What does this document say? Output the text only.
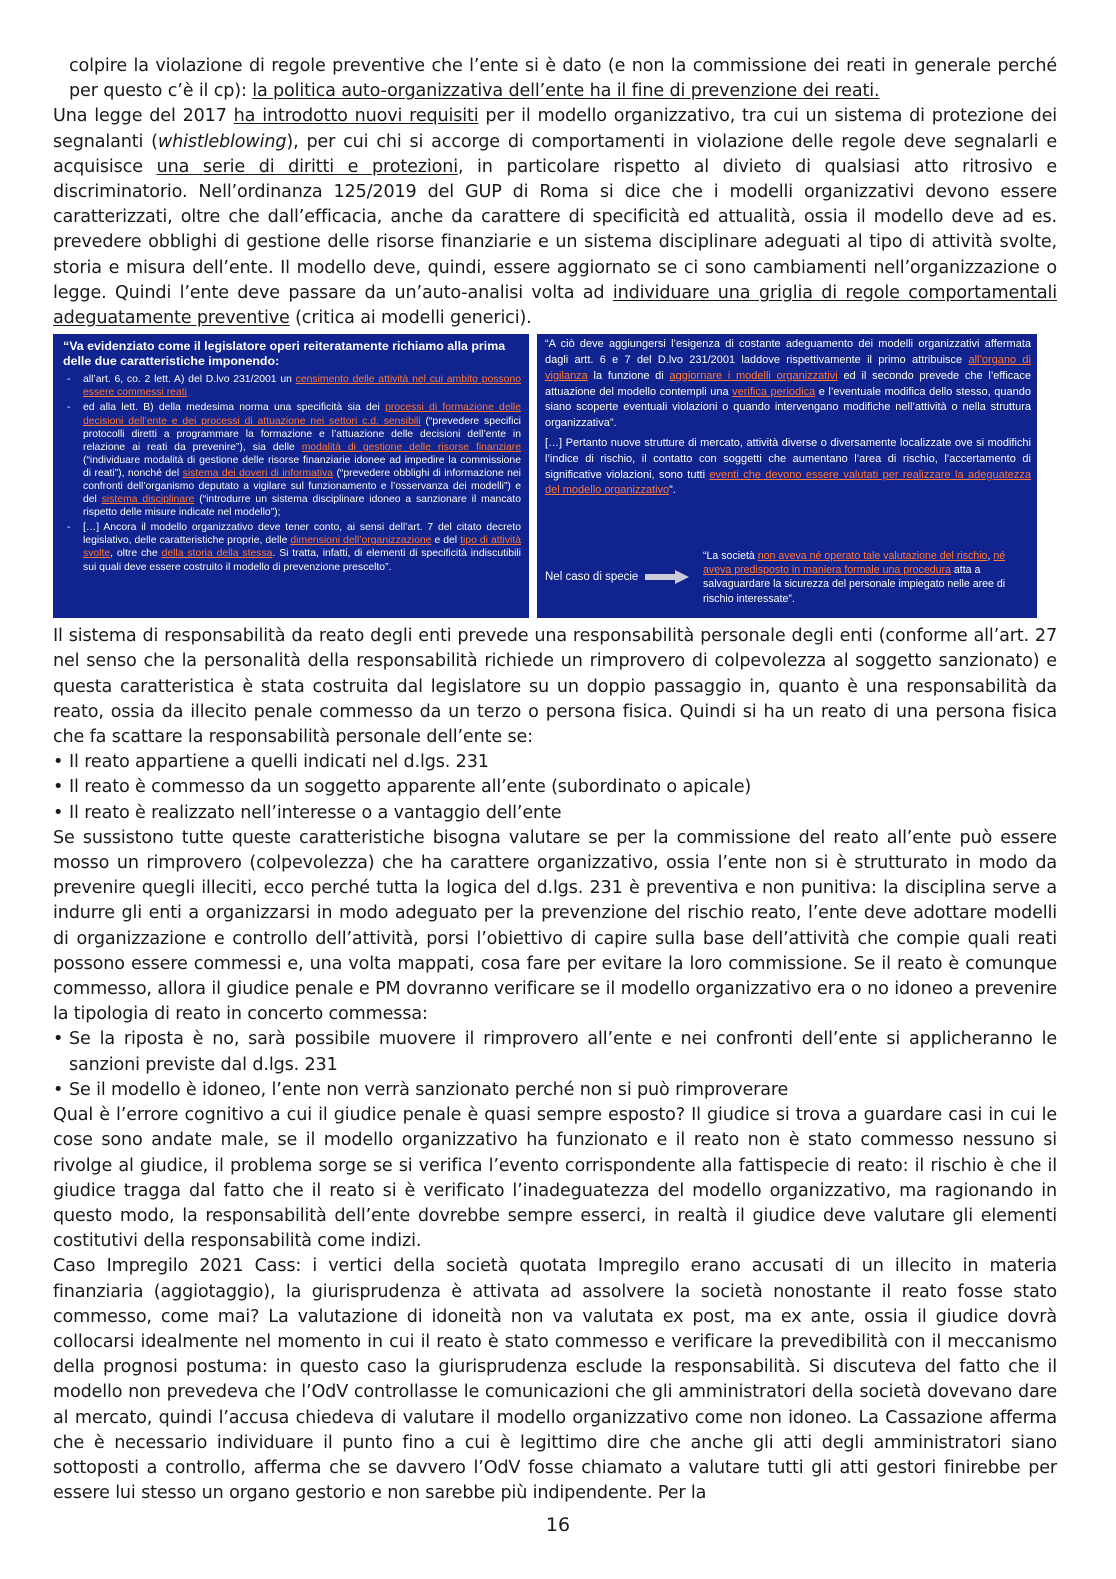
colpire la violazione di regole preventive che l’ente si è dato (e non la commissione dei reati in generale perché per questo c’è il cp): la politica auto-organizzativa dell’ente ha il fine di prevenzione dei reati.

Una legge del 2017 ha introdotto nuovi requisiti per il modello organizzativo, tra cui un sistema di protezione dei segnalanti (whistleblowing), per cui chi si accorge di comportamenti in violazione delle regole deve segnalarli e acquisisce una serie di diritti e protezioni, in particolare rispetto al divieto di qualsiasi atto ritrosivo e discriminatorio. Nell’ordinanza 125/2019 del GUP di Roma si dice che i modelli organizzativi devono essere caratterizzati, oltre che dall’efficacia, anche da carattere di specificità ed attualità, ossia il modello deve ad es. prevedere obblighi di gestione delle risorse finanziarie e un sistema disciplinare adeguati al tipo di attività svolte, storia e misura dell’ente. Il modello deve, quindi, essere aggiornato se ci sono cambiamenti nell’organizzazione o legge. Quindi l’ente deve passare da un’auto-analisi volta ad individuare una griglia di regole comportamentali adeguatamente preventive (critica ai modelli generici).

“Va evidenziato come il legislatore operi reiteratamente richiamo alla prima delle due caratteristiche imponendo:

- all’art. 6, co. 2 lett. A) del D.lvo 231/2001 un censimento delle attività nel cui ambito possono essere commessi reati
- ed alla lett. B) della medesima norma una specificità sia dei processi di formazione delle decisioni dell’ente e dei processi di attuazione nei settori c.d. sensibili (“prevedere specifici protocolli diretti a programmare la formazione e l’attuazione delle decisioni dell’ente in relazione ai reati da prevenire”), sia delle modalità di gestione delle risorse finanziare (“individuare modalità di gestione delle risorse finanziarie idonee ad impedire la commissione di reati”), nonché del sistema dei doveri di informativa (“prevedere obblighi di informazione nei confronti dell’organismo deputato a vigilare sul funzionamento e l’osservanza dei modelli”) e del sistema disciplinare (“introdurre un sistema disciplinare idoneo a sanzionare il mancato rispetto delle misure indicate nel modello”);
- […] Ancora il modello organizzativo deve tener conto, ai sensi dell’art. 7 del citato decreto legislativo, delle caratteristiche proprie, delle dimensioni dell’organizzazione e del tipo di attività svolte, oltre che della storia della stessa. Si tratta, infatti, di elementi di specificità indiscutibili sui quali deve essere costruito il modello di prevenzione prescelto”.

“A ciò deve aggiungersi l’esigenza di costante adeguamento dei modelli organizzativi affermata dagli artt. 6 e 7 del D.lvo 231/2001 laddove rispettivamente il primo attribuisce all’organo di vigilanza la funzione di aggiornare i modelli organizzativi ed il secondo prevede che l’efficace attuazione del modello contempli una verifica periodica e l’eventuale modifica dello stesso, quando siano scoperte eventuali violazioni o quando intervengano modifiche nell’attività o nella struttura organizzativa”.

[…] Pertanto nuove strutture di mercato, attività diverse o diversamente localizzate ove si modifichi l’indice di rischio, il contatto con soggetti che aumentano l’area di rischio, l’accertamento di significative violazioni, sono tutti eventi che devono essere valutati per realizzare la adeguatezza del modello organizzativo”.

Nel caso di specie

“La società non aveva né operato tale valutazione del rischio, né aveva predisposto in maniera formale una procedura atta a salvaguardare la sicurezza del personale impiegato nelle aree di rischio interessate”.

Il sistema di responsabilità da reato degli enti prevede una responsabilità personale degli enti (conforme all’art. 27 nel senso che la personalità della responsabilità richiede un rimprovero di colpevolezza al soggetto sanzionato) e questa caratteristica è stata costruita dal legislatore su un doppio passaggio in, quanto è una responsabilità da reato, ossia da illecito penale commesso da un terzo o persona fisica. Quindi si ha un reato di una persona fisica che fa scattare la responsabilità personale dell’ente se:

• Il reato appartiene a quelli indicati nel d.lgs. 231
• Il reato è commesso da un soggetto apparente all’ente (subordinato o apicale)
• Il reato è realizzato nell’interesse o a vantaggio dell’ente

Se sussistono tutte queste caratteristiche bisogna valutare se per la commissione del reato all’ente può essere mosso un rimprovero (colpevolezza) che ha carattere organizzativo, ossia l’ente non si è strutturato in modo da prevenire quegli illeciti, ecco perché tutta la logica del d.lgs. 231 è preventiva e non punitiva: la disciplina serve a indurre gli enti a organizzarsi in modo adeguato per la prevenzione del rischio reato, l’ente deve adottare modelli di organizzazione e controllo dell’attività, porsi l’obiettivo di capire sulla base dell’attività che compie quali reati possono essere commessi e, una volta mappati, cosa fare per evitare la loro commissione. Se il reato è comunque commesso, allora il giudice penale e PM dovranno verificare se il modello organizzativo era o no idoneo a prevenire la tipologia di reato in concerto commessa:

• Se la riposta è no, sarà possibile muovere il rimprovero all’ente e nei confronti dell’ente si applicheranno le sanzioni previste dal d.lgs. 231
• Se il modello è idoneo, l’ente non verrà sanzionato perché non si può rimproverare

Qual è l’errore cognitivo a cui il giudice penale è quasi sempre esposto? Il giudice si trova a guardare casi in cui le cose sono andate male, se il modello organizzativo ha funzionato e il reato non è stato commesso nessuno si rivolge al giudice, il problema sorge se si verifica l’evento corrispondente alla fattispecie di reato: il rischio è che il giudice tragga dal fatto che il reato si è verificato l’inadeguatezza del modello organizzativo, ma ragionando in questo modo, la responsabilità dell’ente dovrebbe sempre esserci, in realtà il giudice deve valutare gli elementi costitutivi della responsabilità come indizi.

Caso Impregilo 2021 Cass: i vertici della società quotata Impregilo erano accusati di un illecito in materia finanziaria (aggiotaggio), la giurisprudenza è attivata ad assolvere la società nonostante il reato fosse stato commesso, come mai? La valutazione di idoneità non va valutata ex post, ma ex ante, ossia il giudice dovrà collocarsi idealmente nel momento in cui il reato è stato commesso e verificare la prevedibilità con il meccanismo della prognosi postuma: in questo caso la giurisprudenza esclude la responsabilità. Si discuteva del fatto che il modello non prevedeva che l’OdV controllasse le comunicazioni che gli amministratori della società dovevano dare al mercato, quindi l’accusa chiedeva di valutare il modello organizzativo come non idoneo. La Cassazione afferma che è necessario individuare il punto fino a cui è legittimo dire che anche gli atti degli amministratori siano sottoposti a controllo, afferma che se davvero l’OdV fosse chiamato a valutare tutti gli atti gestori finirebbe per essere lui stesso un organo gestorio e non sarebbe più indipendente. Per la

16
